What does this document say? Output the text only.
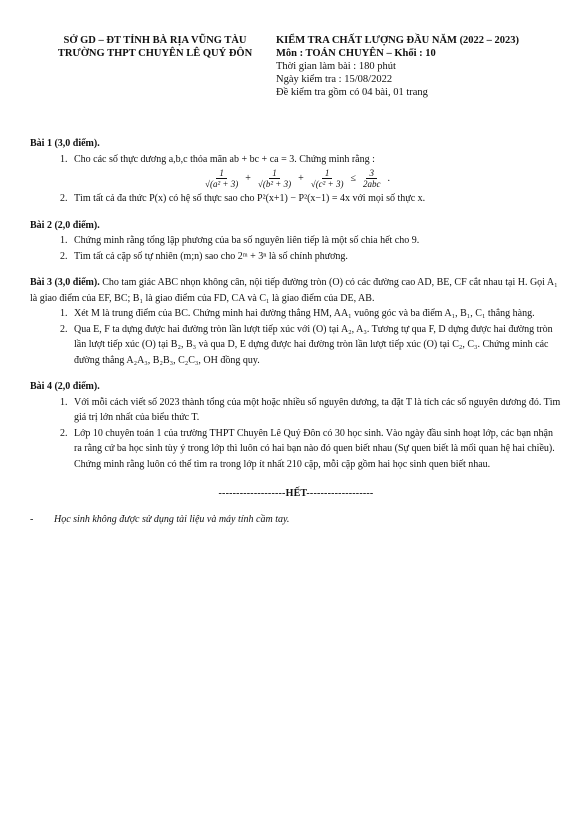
SỞ GD – ĐT TỈNH BÀ RỊA VŨNG TÀU
TRƯỜNG THPT CHUYÊN LÊ QUÝ ĐÔN
KIỂM TRA CHẤT LƯỢNG ĐẦU NĂM (2022 – 2023)
Môn : TOÁN CHUYÊN – Khối : 10
Thời gian làm bài : 180 phút
Ngày kiểm tra : 15/08/2022
Đề kiểm tra gồm có 04 bài, 01 trang
Bài 1 (3,0 điểm).
1. Cho các số thực dương a,b,c thỏa mãn ab + bc + ca = 3. Chứng minh rằng :
$\frac{1}{\text{√(a² + 3)}} + \frac{1}{\text{√(b² + 3)}} + \frac{1}{\text{√(c² + 3)}} \le \frac{3}{\text{2abc}}$ .
2. Tìm tất cả đa thức P(x) có hệ số thực sao cho P²(x+1) − P²(x−1) = 4x với mọi số thực x.
Bài 2 (2,0 điểm).
1. Chứng minh rằng tổng lập phương của ba số nguyên liên tiếp là một số chia hết cho 9.
2. Tìm tất cả cặp số tự nhiên (m;n) sao cho 2ᵐ + 3ⁿ là số chính phương.
Bài 3 (3,0 điểm). Cho tam giác ABC nhọn không cân, nội tiếp đường tròn (O) có các đường cao AD, BE, CF cắt nhau tại H. Gọi A₁ là giao điểm của EF, BC; B₁ là giao điểm của FD, CA và C₁ là giao điểm của DE, AB.
1. Xét M là trung điểm của BC. Chứng minh hai đường thẳng HM, AA₁ vuông góc và ba điểm A₁, B₁, C₁ thẳng hàng.
2. Qua E, F ta dựng được hai đường tròn lần lượt tiếp xúc với (O) tại A₂, A₃. Tương tự qua F, D dựng được hai đường tròn lần lượt tiếp xúc (O) tại B₂, B₃ và qua D, E dựng được hai đường tròn lần lượt tiếp xúc (O) tại C₂, C₃. Chứng minh các đường thẳng A₂A₃, B₂B₃, C₂C₃, OH đồng quy.
Bài 4 (2,0 điểm).
1. Với mỗi cách viết số 2023 thành tổng của một hoặc nhiều số nguyên dương, ta đặt T là tích các số nguyên dương đó. Tìm giá trị lớn nhất của biểu thức T.
2. Lớp 10 chuyên toán 1 của trường THPT Chuyên Lê Quý Đôn có 30 học sinh. Vào ngày đầu sinh hoạt lớp, các bạn nhận ra rằng cứ ba học sinh tùy ý trong lớp thì luôn có hai bạn nào đó quen biết nhau (Sự quen biết là mối quan hệ hai chiều). Chứng minh rằng luôn có thể tìm ra trong lớp ít nhất 210 cặp, mỗi cặp gồm hai học sinh quen biết nhau.
-------------------HẾT-------------------
-	Học sinh không được sử dụng tài liệu và máy tính cầm tay.
